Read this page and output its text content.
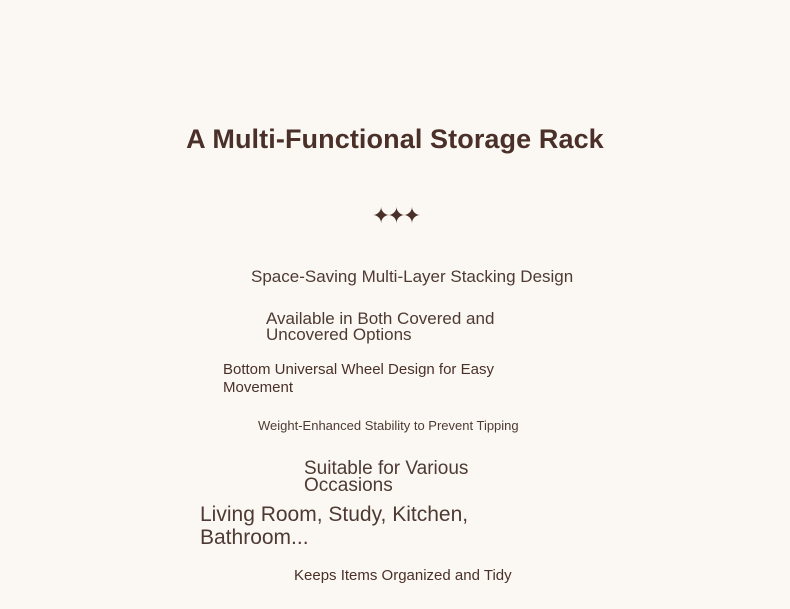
A Multi-Functional Storage Rack
✦✦✦

Space-Saving Multi-Layer Stacking Design

Available in Both Covered and Uncovered Options

Bottom Universal Wheel Design for Easy Movement

Weight-Enhanced Stability to Prevent Tipping

Suitable for Various Occasions

Living Room, Study, Kitchen, Bathroom...

Keeps Items Organized and Tidy
